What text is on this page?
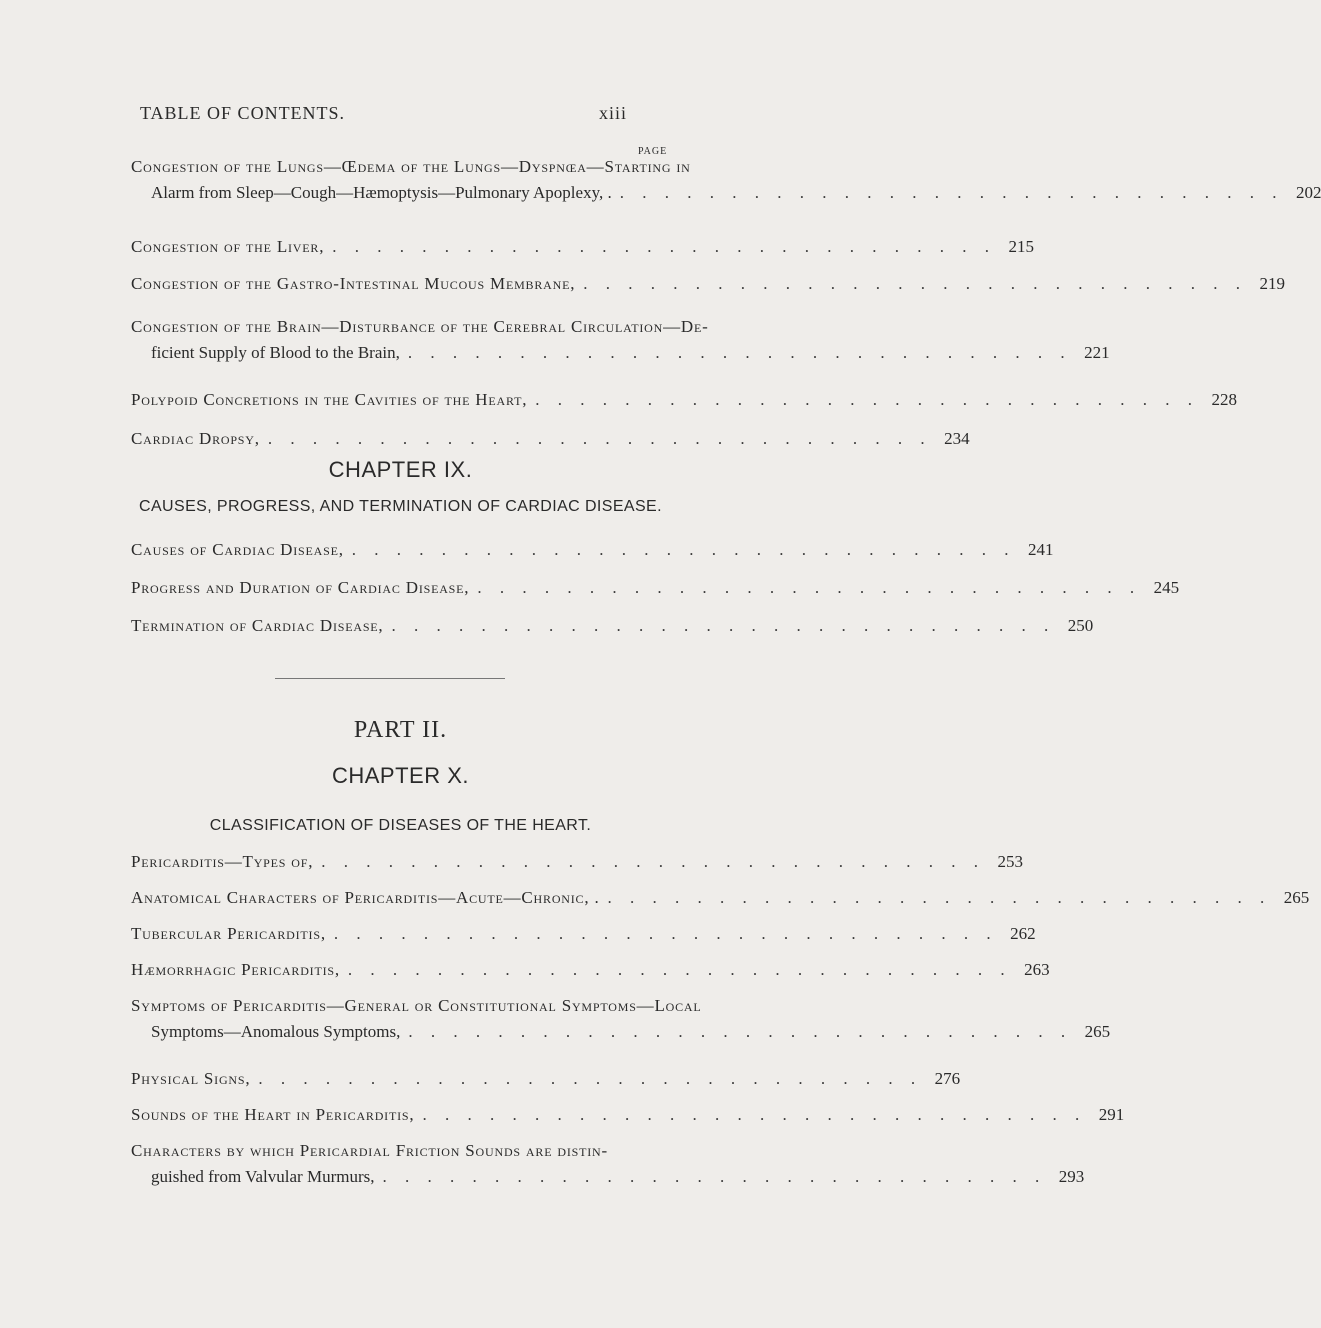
TABLE OF CONTENTS.	xiii
PAGE
Congestion of the Lungs—Œdema of the Lungs—Dyspnœa—Starting in
Alarm from Sleep—Cough—Hæmoptysis—Pulmonary Apoplexy, . . . . . . . . . . . . . . . . . . . . . . . . . . . . . . . 202
Congestion of the Liver, . . . . . . . . . . . . . . . . . . . . . . . . . . . . . . 215
Congestion of the Gastro-Intestinal Mucous Membrane, . . . . . . . . . . . . . . . . . . . . . . . . . . . . . . 219
Congestion of the Brain—Disturbance of the Cerebral Circulation—De-
ficient Supply of Blood to the Brain, . . . . . . . . . . . . . . . . . . . . . . . . . . . . . . 221
Polypoid Concretions in the Cavities of the Heart, . . . . . . . . . . . . . . . . . . . . . . . . . . . . . . 228
Cardiac Dropsy, . . . . . . . . . . . . . . . . . . . . . . . . . . . . . . 234
CHAPTER IX.
CAUSES, PROGRESS, AND TERMINATION OF CARDIAC DISEASE.
Causes of Cardiac Disease, . . . . . . . . . . . . . . . . . . . . . . . . . . . . . . 241
Progress and Duration of Cardiac Disease, . . . . . . . . . . . . . . . . . . . . . . . . . . . . . . 245
Termination of Cardiac Disease, . . . . . . . . . . . . . . . . . . . . . . . . . . . . . . 250
PART II.
CHAPTER X.
CLASSIFICATION OF DISEASES OF THE HEART.
Pericarditis—Types of, . . . . . . . . . . . . . . . . . . . . . . . . . . . . . . 253
Anatomical Characters of Pericarditis—Acute—Chronic, . . . . . . . . . . . . . . . . . . . . . . . . . . . . . . . 265
Tubercular Pericarditis, . . . . . . . . . . . . . . . . . . . . . . . . . . . . . . 262
Hæmorrhagic Pericarditis, . . . . . . . . . . . . . . . . . . . . . . . . . . . . . . 263
Symptoms of Pericarditis—General or Constitutional Symptoms—Local
Symptoms—Anomalous Symptoms, . . . . . . . . . . . . . . . . . . . . . . . . . . . . . . 265
Physical Signs, . . . . . . . . . . . . . . . . . . . . . . . . . . . . . . 276
Sounds of the Heart in Pericarditis, . . . . . . . . . . . . . . . . . . . . . . . . . . . . . . 291
Characters by which Pericardial Friction Sounds are distin-
guished from Valvular Murmurs, . . . . . . . . . . . . . . . . . . . . . . . . . . . . . . 293
